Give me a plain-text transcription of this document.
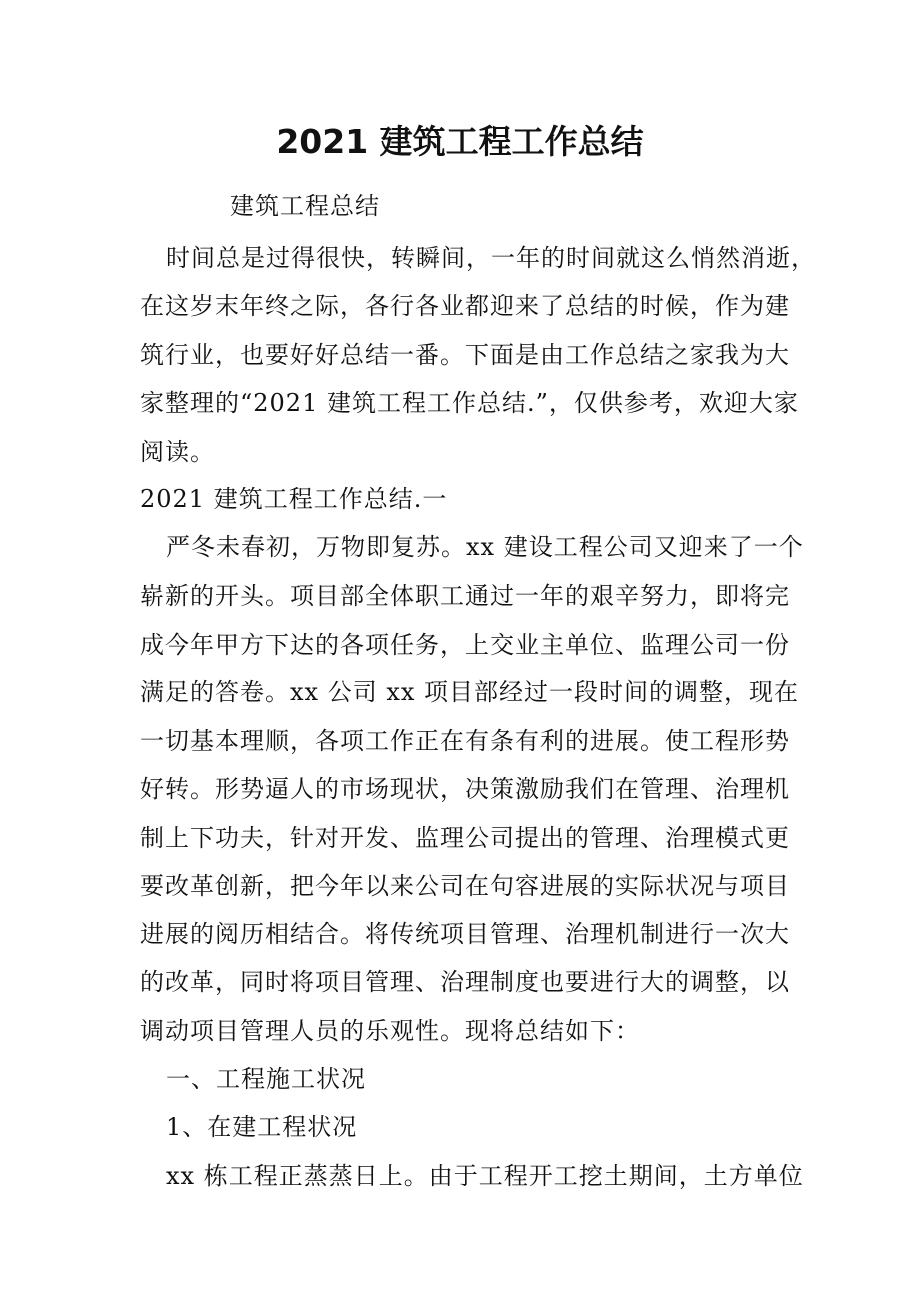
2021 建筑工程工作总结
建筑工程总结
时间总是过得很快，转瞬间，一年的时间就这么悄然消逝，
在这岁末年终之际，各行各业都迎来了总结的时候，作为建
筑行业，也要好好总结一番。下面是由工作总结之家我为大
家整理的“2021 建筑工程工作总结.”，仅供参考，欢迎大家
阅读。
2021 建筑工程工作总结.一
严冬未春初，万物即复苏。xx 建设工程公司又迎来了一个
崭新的开头。项目部全体职工通过一年的艰辛努力，即将完
成今年甲方下达的各项任务，上交业主单位、监理公司一份
满足的答卷。xx 公司 xx 项目部经过一段时间的调整，现在
一切基本理顺，各项工作正在有条有利的进展。使工程形势
好转。形势逼人的市场现状，决策激励我们在管理、治理机
制上下功夫，针对开发、监理公司提出的管理、治理模式更
要改革创新，把今年以来公司在句容进展的实际状况与项目
进展的阅历相结合。将传统项目管理、治理机制进行一次大
的改革，同时将项目管理、治理制度也要进行大的调整，以
调动项目管理人员的乐观性。现将总结如下：
一、工程施工状况
1、在建工程状况
xx 栋工程正蒸蒸日上。由于工程开工挖土期间，土方单位
